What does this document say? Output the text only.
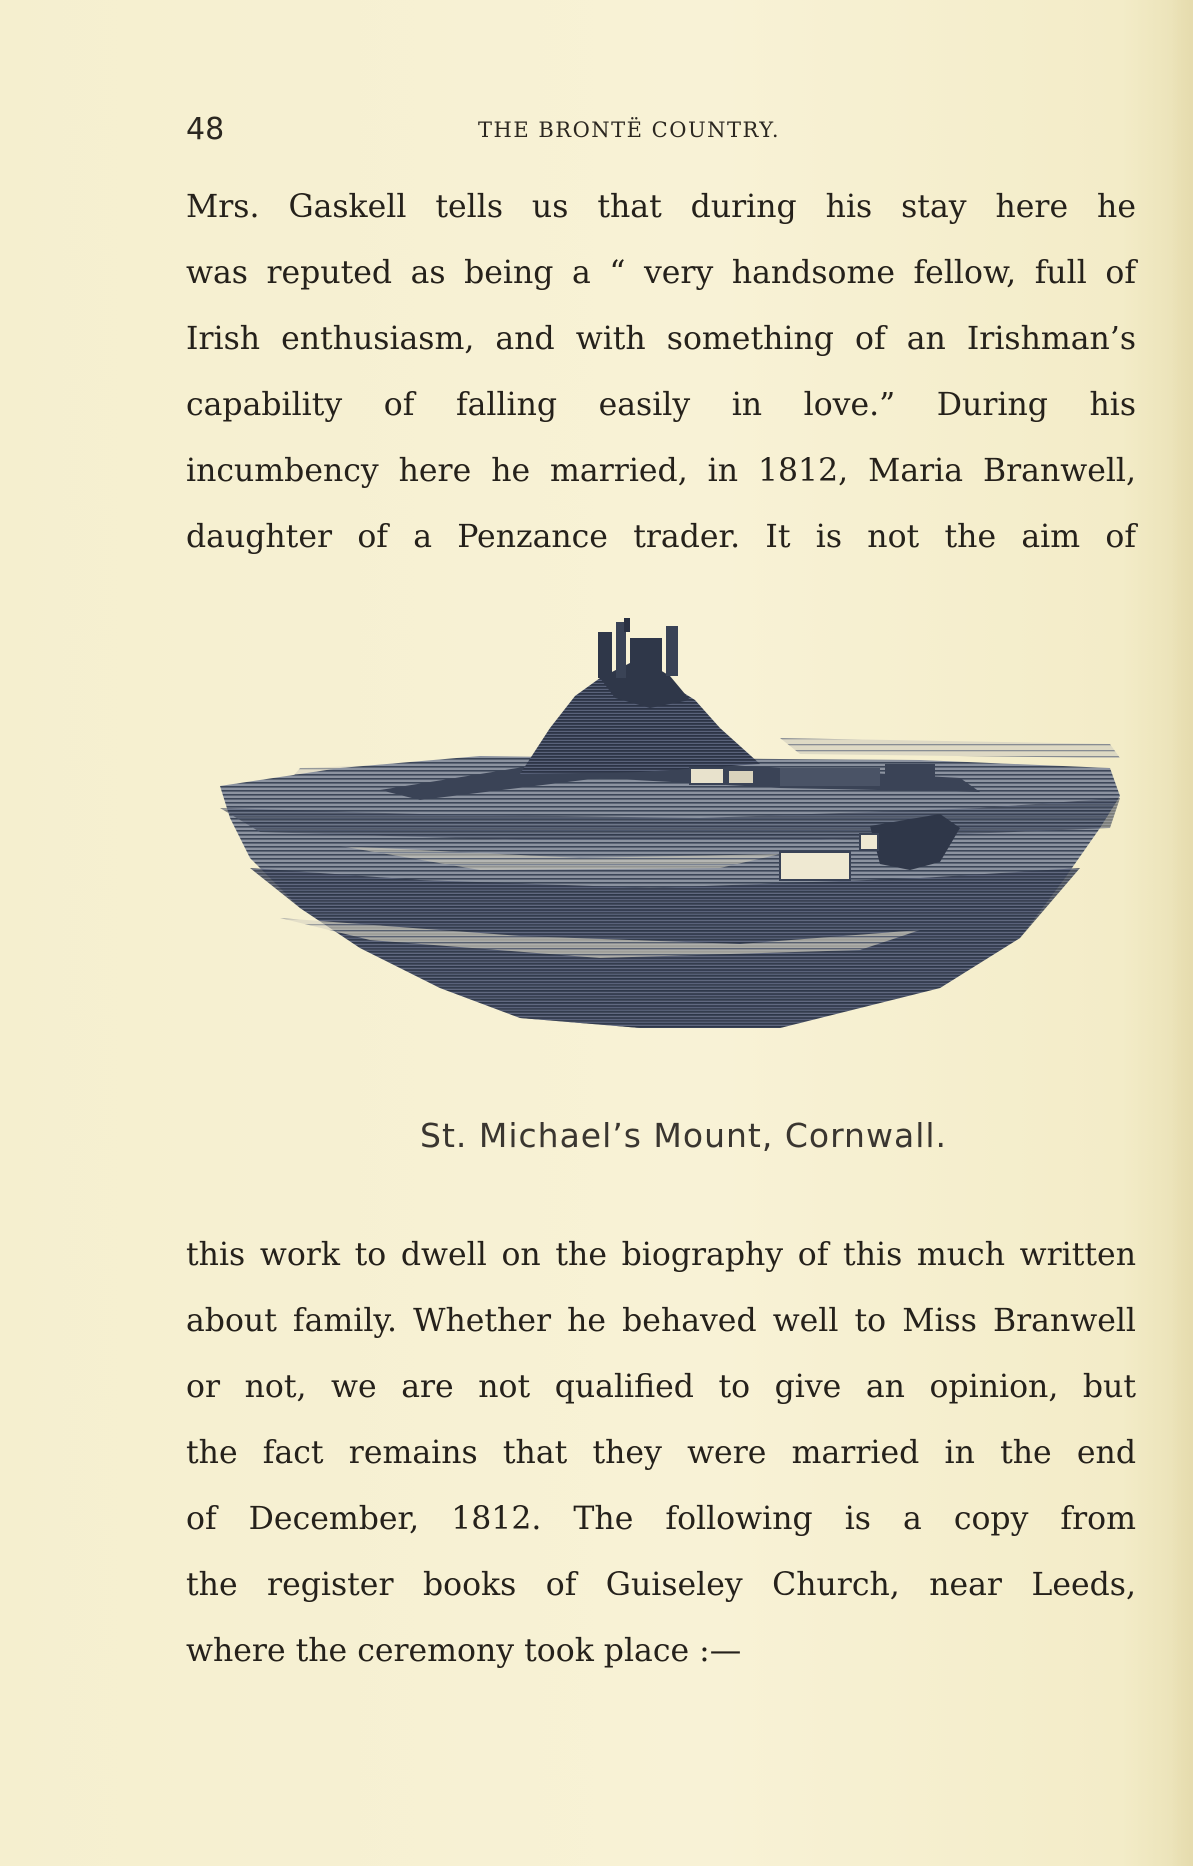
48	THE BRONTË COUNTRY.
Mrs. Gaskell tells us that during his stay here he
was reputed as being a “ very handsome fellow, full of
Irish enthusiasm, and with something of an Irishman’s
capability of falling easily in love.” During his
incumbency here he married, in 1812, Maria Branwell,
daughter of a Penzance trader. It is not the aim of
St. Michael’s Mount, Cornwall.
this work to dwell on the biography of this much written
about family. Whether he behaved well to Miss Branwell
or not, we are not qualified to give an opinion, but
the fact remains that they were married in the end
of December, 1812. The following is a copy from
the register books of Guiseley Church, near Leeds,
where the ceremony took place :—
